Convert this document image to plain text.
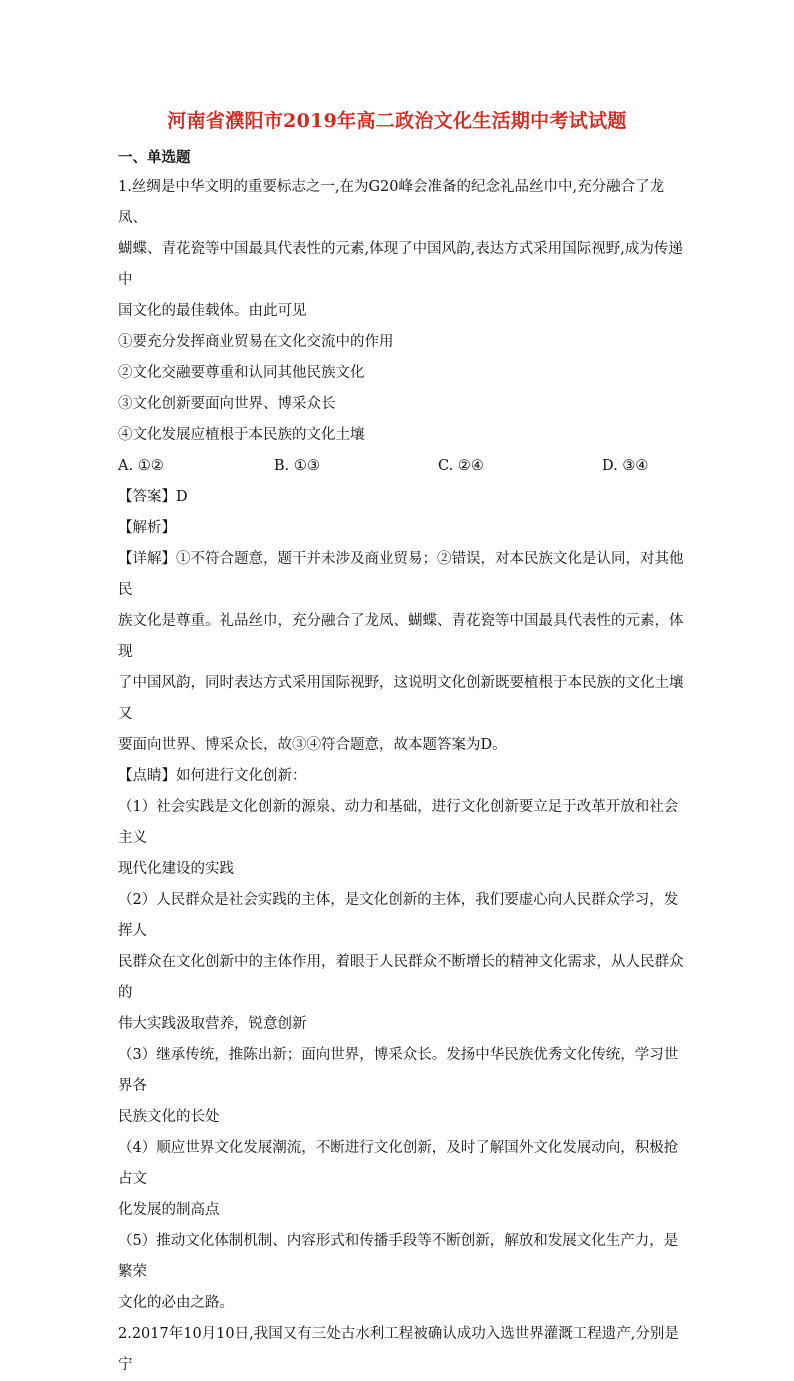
河南省濮阳市2019年高二政治文化生活期中考试试题
一、单选题

1.丝绸是中华文明的重要标志之一,在为G20峰会准备的纪念礼品丝巾中,充分融合了龙凤、

蝴蝶、青花瓷等中国最具代表性的元素,体现了中国风韵,表达方式采用国际视野,成为传递中

国文化的最佳载体。由此可见

①要充分发挥商业贸易在文化交流中的作用

②文化交融要尊重和认同其他民族文化

③文化创新要面向世界、博采众长

④文化发展应植根于本民族的文化土壤

A. ①②	B. ①③	C. ②④	D. ③④

【答案】D

【解析】

【详解】①不符合题意，题干并未涉及商业贸易；②错误，对本民族文化是认同，对其他民

族文化是尊重。礼品丝巾，充分融合了龙凤、蝴蝶、青花瓷等中国最具代表性的元素，体现

了中国风韵，同时表达方式采用国际视野，这说明文化创新既要植根于本民族的文化土壤又

要面向世界、博采众长，故③④符合题意，故本题答案为D。

【点睛】如何进行文化创新：

（1）社会实践是文化创新的源泉、动力和基础，进行文化创新要立足于改革开放和社会主义

现代化建设的实践

（2）人民群众是社会实践的主体，是文化创新的主体，我们要虚心向人民群众学习，发挥人

民群众在文化创新中的主体作用，着眼于人民群众不断增长的精神文化需求，从人民群众的

伟大实践汲取营养，锐意创新

（3）继承传统，推陈出新；面向世界，博采众长。发扬中华民族优秀文化传统，学习世界各

民族文化的长处

（4）顺应世界文化发展潮流，不断进行文化创新，及时了解国外文化发展动向，积极抢占文

化发展的制高点

（5）推动文化体制机制、内容形式和传播手段等不断创新，解放和发展文化生产力，是繁荣

文化的必由之路。

2.2017年10月10日,我国又有三处古水利工程被确认成功入选世界灌溉工程遗产,分别是宁
